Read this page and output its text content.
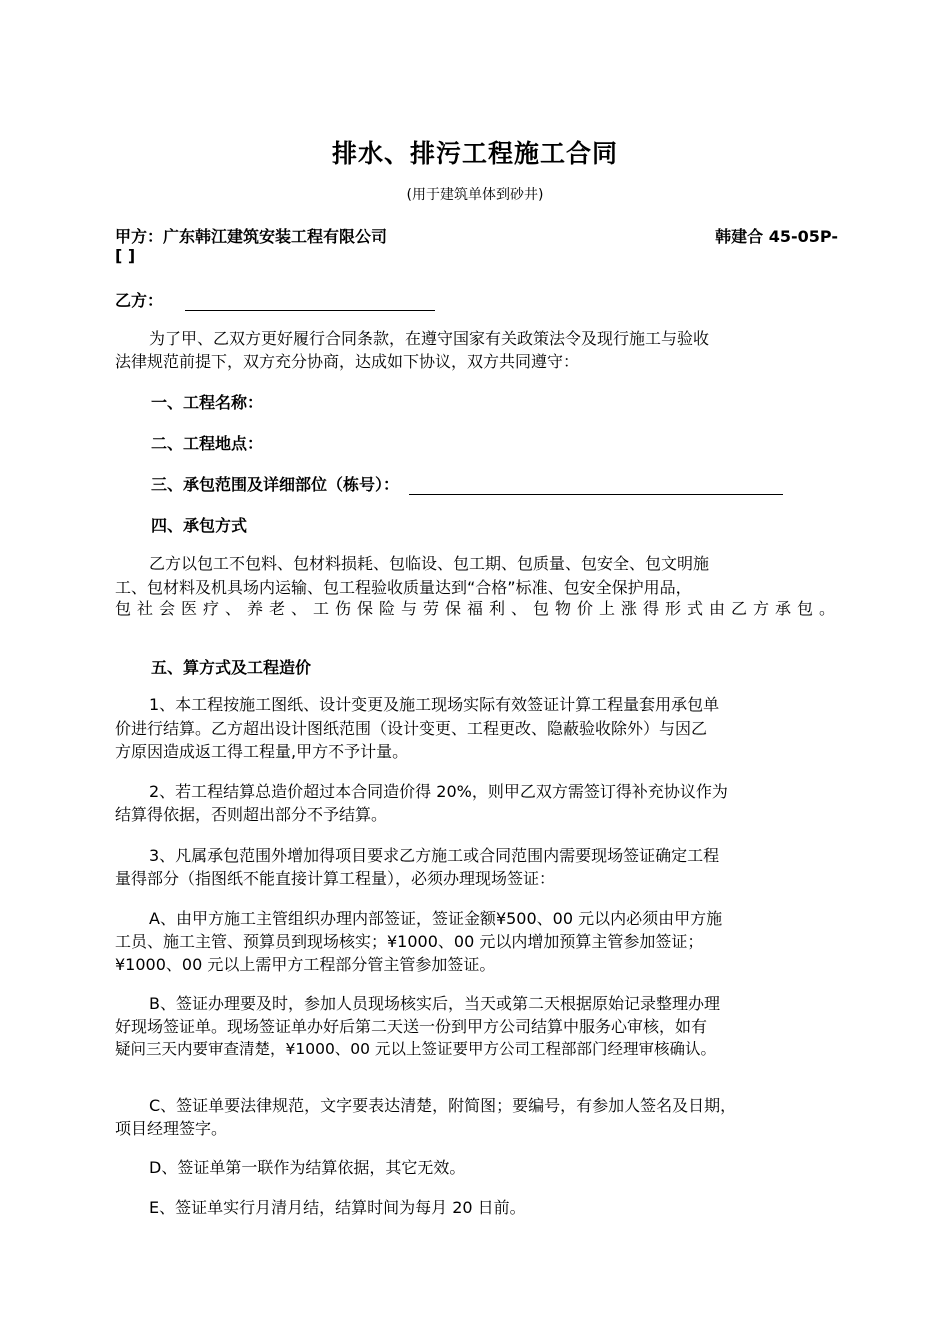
排水、排污工程施工合同
(用于建筑单体到砂井)
甲方：广东韩江建筑安装工程有限公司	韩建合 45-05P-
[ ]
乙方：
为了甲、乙双方更好履行合同条款，在遵守国家有关政策法令及现行施工与验收
法律规范前提下，双方充分协商，达成如下协议，双方共同遵守：
一、工程名称：
二、工程地点：
三、承包范围及详细部位（栋号）：
四、承包方式
乙方以包工不包料、包材料损耗、包临设、包工期、包质量、包安全、包文明施
工、包材料及机具场内运输、包工程验收质量达到“合格”标准、包安全保护用品，
包社会医疗、养老、工伤保险与劳保福利、包物价上涨得形式由乙方承包。
五、算方式及工程造价
1、本工程按施工图纸、设计变更及施工现场实际有效签证计算工程量套用承包单
价进行结算。乙方超出设计图纸范围（设计变更、工程更改、隐蔽验收除外）与因乙
方原因造成返工得工程量,甲方不予计量。
2、若工程结算总造价超过本合同造价得 20%，则甲乙双方需签订得补充协议作为
结算得依据，否则超出部分不予结算。
3、凡属承包范围外增加得项目要求乙方施工或合同范围内需要现场签证确定工程
量得部分（指图纸不能直接计算工程量），必须办理现场签证：
A、由甲方施工主管组织办理内部签证，签证金额¥500、00 元以内必须由甲方施
工员、施工主管、预算员到现场核实；¥1000、00 元以内增加预算主管参加签证；
¥1000、00 元以上需甲方工程部分管主管参加签证。
B、签证办理要及时，参加人员现场核实后，当天或第二天根据原始记录整理办理
好现场签证单。现场签证单办好后第二天送一份到甲方公司结算中服务心审核，如有
疑问三天内要审查清楚，¥1000、00 元以上签证要甲方公司工程部部门经理审核确认。
C、签证单要法律规范，文字要表达清楚，附简图；要编号，有参加人签名及日期，
项目经理签字。
D、签证单第一联作为结算依据，其它无效。
E、签证单实行月清月结，结算时间为每月 20 日前。
